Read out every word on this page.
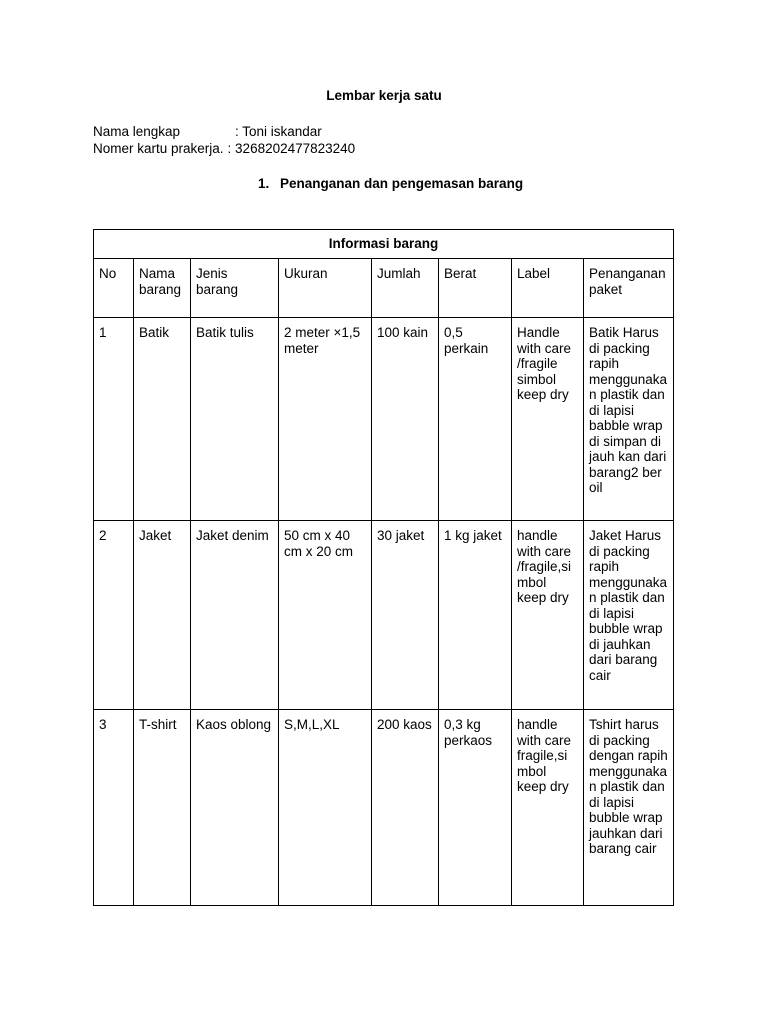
Lembar kerja satu
Nama lengkap	: Toni iskandar
Nomer kartu prakerja. : 3268202477823240
1. Penanganan dan pengemasan barang
Informasi barang							
No	Nama barang	Jenis barang	Ukuran	Jumlah	Berat	Label	Penanganan paket
1	Batik	Batik tulis	2 meter ×1,5 meter	100 kain	0,5 perkain	Handle with care /fragile simbol keep dry	Batik Harus di packing rapih menggunakan plastik dan di lapisi babble wrap di simpan di jauh kan dari barang2 ber oil
2	Jaket	Jaket denim	50 cm x 40 cm x 20 cm	30 jaket	1 kg jaket	handle with care /fragile,simbol keep dry	Jaket Harus di packing rapih menggunakan plastik dan di lapisi bubble wrap di jauhkan dari barang cair
3	T-shirt	Kaos oblong	S,M,L,XL	200 kaos	0,3 kg perkaos	handle with care fragile,simbol keep dry	Tshirt harus di packing dengan rapih menggunakan plastik dan di lapisi bubble wrap jauhkan dari barang cair
